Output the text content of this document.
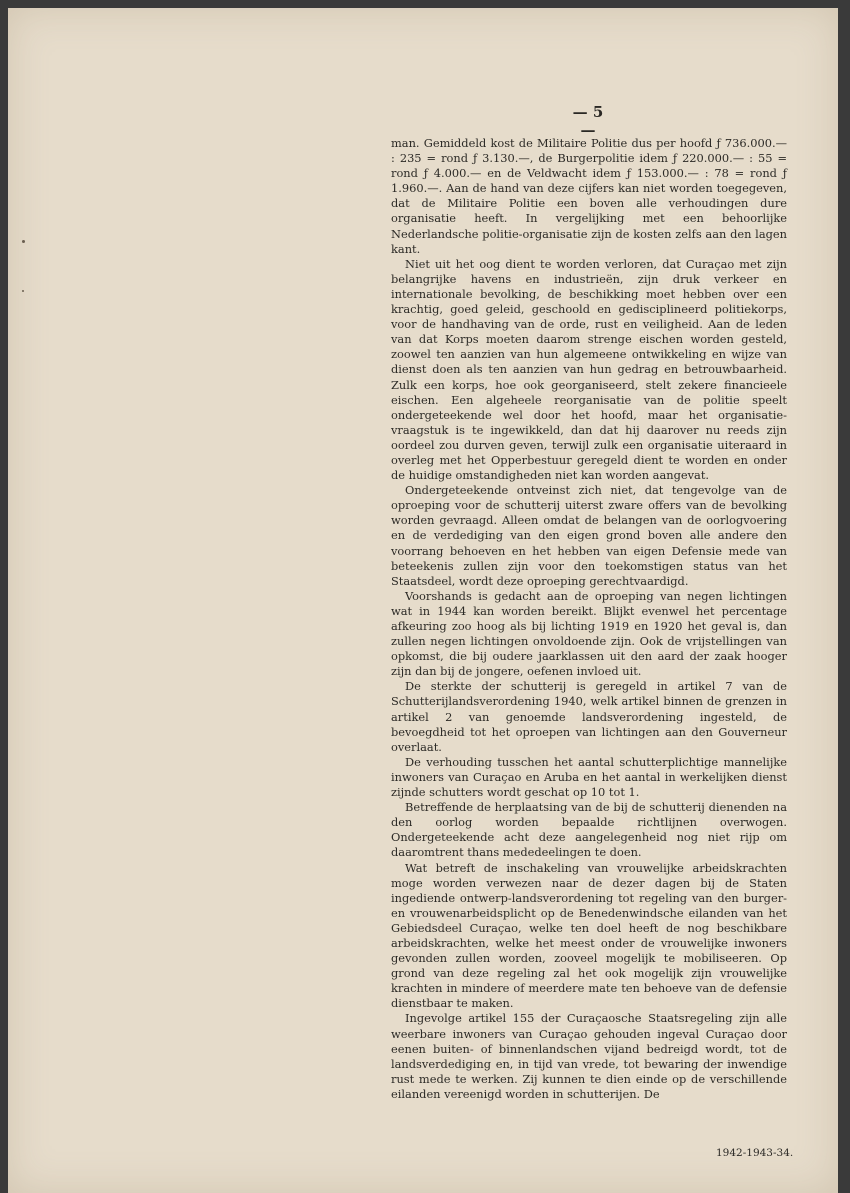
— 5 —

man. Gemiddeld kost de Militaire Politie dus per hoofd ƒ 736.000.— : 235 = rond ƒ 3.130.—, de Burgerpolitie idem ƒ 220.000.— : 55 = rond ƒ 4.000.— en de Veldwacht idem ƒ 153.000.— : 78 = rond ƒ 1.960.—. Aan de hand van deze cijfers kan niet worden toegegeven, dat de Militaire Politie een boven alle verhoudingen dure organisatie heeft. In vergelijking met een behoorlijke Nederlandsche politie-organisatie zijn de kosten zelfs aan den lagen kant.

Niet uit het oog dient te worden verloren, dat Curaçao met zijn belangrijke havens en industrieën, zijn druk verkeer en internationale bevolking, de beschikking moet hebben over een krachtig, goed geleid, geschoold en gedisciplineerd politiekorps, voor de handhaving van de orde, rust en veiligheid. Aan de leden van dat Korps moeten daarom strenge eischen worden gesteld, zoowel ten aanzien van hun algemeene ontwikkeling en wijze van dienst doen als ten aanzien van hun gedrag en betrouwbaarheid. Zulk een korps, hoe ook georganiseerd, stelt zekere financieele eischen. Een algeheele reorganisatie van de politie speelt ondergeteekende wel door het hoofd, maar het organisatie-vraagstuk is te ingewikkeld, dan dat hij daarover nu reeds zijn oordeel zou durven geven, terwijl zulk een organisatie uiteraard in overleg met het Opperbestuur geregeld dient te worden en onder de huidige omstandigheden niet kan worden aangevat.

Ondergeteekende ontveinst zich niet, dat tengevolge van de oproeping voor de schutterij uiterst zware offers van de bevolking worden gevraagd. Alleen omdat de belangen van de oorlogvoering en de verdediging van den eigen grond boven alle andere den voorrang behoeven en het hebben van eigen Defensie mede van beteekenis zullen zijn voor den toekomstigen status van het Staatsdeel, wordt deze oproeping gerechtvaardigd.

Voorshands is gedacht aan de oproeping van negen lichtingen wat in 1944 kan worden bereikt. Blijkt evenwel het percentage afkeuring zoo hoog als bij lichting 1919 en 1920 het geval is, dan zullen negen lichtingen onvoldoende zijn. Ook de vrijstellingen van opkomst, die bij oudere jaarklassen uit den aard der zaak hooger zijn dan bij de jongere, oefenen invloed uit.

De sterkte der schutterij is geregeld in artikel 7 van de Schutterijlandsverordening 1940, welk artikel binnen de grenzen in artikel 2 van genoemde landsverordening ingesteld, de bevoegdheid tot het oproepen van lichtingen aan den Gouverneur overlaat.

De verhouding tusschen het aantal schutterplichtige mannelijke inwoners van Curaçao en Aruba en het aantal in werkelijken dienst zijnde schutters wordt geschat op 10 tot 1.

Betreffende de herplaatsing van de bij de schutterij dienenden na den oorlog worden bepaalde richtlijnen overwogen. Ondergeteekende acht deze aangelegenheid nog niet rijp om daaromtrent thans mededeelingen te doen.

Wat betreft de inschakeling van vrouwelijke arbeidskrachten moge worden verwezen naar de dezer dagen bij de Staten ingediende ontwerp-landsverordening tot regeling van den burger- en vrouwenarbeidsplicht op de Benedenwindsche eilanden van het Gebiedsdeel Curaçao, welke ten doel heeft de nog beschikbare arbeidskrachten, welke het meest onder de vrouwelijke inwoners gevonden zullen worden, zooveel mogelijk te mobiliseeren. Op grond van deze regeling zal het ook mogelijk zijn vrouwelijke krachten in mindere of meerdere mate ten behoeve van de defensie dienstbaar te maken.

Ingevolge artikel 155 der Curaçaosche Staatsregeling zijn alle weerbare inwoners van Curaçao gehouden ingeval Curaçao door eenen buiten- of binnenlandschen vijand bedreigd wordt, tot de landsverdediging en, in tijd van vrede, tot bewaring der inwendige rust mede te werken. Zij kunnen te dien einde op de verschillende eilanden vereenigd worden in schutterijen. De

1942-1943-34.
